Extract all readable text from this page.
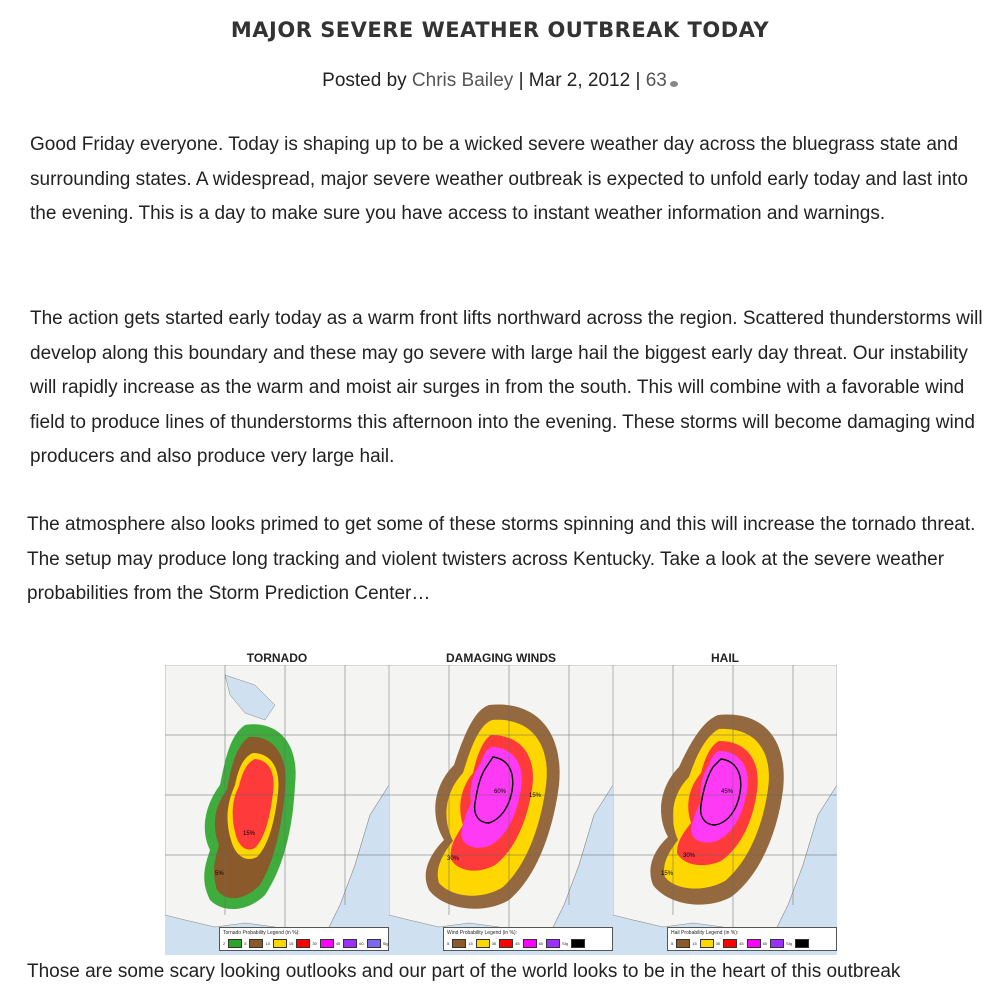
MAJOR SEVERE WEATHER OUTBREAK TODAY
Posted by Chris Bailey | Mar 2, 2012 | 63

Good Friday everyone. Today is shaping up to be a wicked severe weather day across the bluegrass state and surrounding states. A widespread, major severe weather outbreak is expected to unfold early today and last into the evening. This is a day to make sure you have access to instant weather information and warnings.

The action gets started early today as a warm front lifts northward across the region. Scattered thunderstorms will develop along this boundary and these may go severe with large hail the biggest early day threat. Our instability will rapidly increase as the warm and moist air surges in from the south. This will combine with a favorable wind field to produce lines of thunderstorms this afternoon into the evening. These storms will become damaging wind producers and also produce very large hail.

The atmosphere also looks primed to get some of these storms spinning and this will increase the tornado threat. The setup may produce long tracking and violent twisters across Kentucky. Take a look at the severe weather probabilities from the Storm Prediction Center…

TORNADO
15%
5%
Tornado Probability Legend (in %):
2	5	10	15	30	45	60	Sig
DAMAGING WINDS
60%
15%
30%
Wind Probability Legend (in %):
5	15	30	45	60	Sig
HAIL
45%
30%
15%
Hail Probability Legend (in %):
5	15	30	45	60	Sig

Those are some scary looking outlooks and our part of the world looks to be in the heart of this outbreak
